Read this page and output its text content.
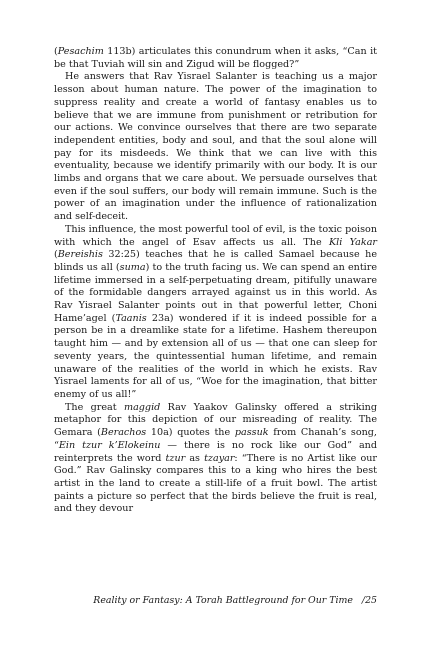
(Pesachim 113b) articulates this conundrum when it asks, “Can it be that Tuviah will sin and Zigud will be flogged?”

He answers that Rav Yisrael Salanter is teaching us a major lesson about human nature. The power of the imagination to suppress reality and create a world of fantasy enables us to believe that we are immune from punishment or retribution for our actions. We convince ourselves that there are two separate independent entities, body and soul, and that the soul alone will pay for its misdeeds. We think that we can live with this eventuality, because we identify primarily with our body. It is our limbs and organs that we care about. We persuade ourselves that even if the soul suffers, our body will remain immune. Such is the power of an imagination under the influence of rationalization and self-deceit.

This influence, the most powerful tool of evil, is the toxic poison with which the angel of Esav affects us all. The Kli Yakar (Bereishis 32:25) teaches that he is called Samael because he blinds us all (suma) to the truth facing us. We can spend an entire lifetime immersed in a self-perpetuating dream, pitifully unaware of the formidable dangers arrayed against us in this world. As Rav Yisrael Salanter points out in that powerful letter, Choni Hame’agel (Taanis 23a) wondered if it is indeed possible for a person be in a dreamlike state for a lifetime. Hashem thereupon taught him — and by extension all of us — that one can sleep for seventy years, the quintessential human lifetime, and remain unaware of the realities of the world in which he exists. Rav Yisrael laments for all of us, “Woe for the imagination, that bitter enemy of us all!”

The great maggid Rav Yaakov Galinsky offered a striking metaphor for this depiction of our misreading of reality. The Gemara (Berachos 10a) quotes the passuk from Chanah’s song, “Ein tzur k’Elokeinu — there is no rock like our God” and reinterprets the word tzur as tzayar: “There is no Artist like our God.” Rav Galinsky compares this to a king who hires the best artist in the land to create a still-life of a fruit bowl. The artist paints a picture so perfect that the birds believe the fruit is real, and they devour

Reality or Fantasy: A Torah Battleground for Our Time /25
